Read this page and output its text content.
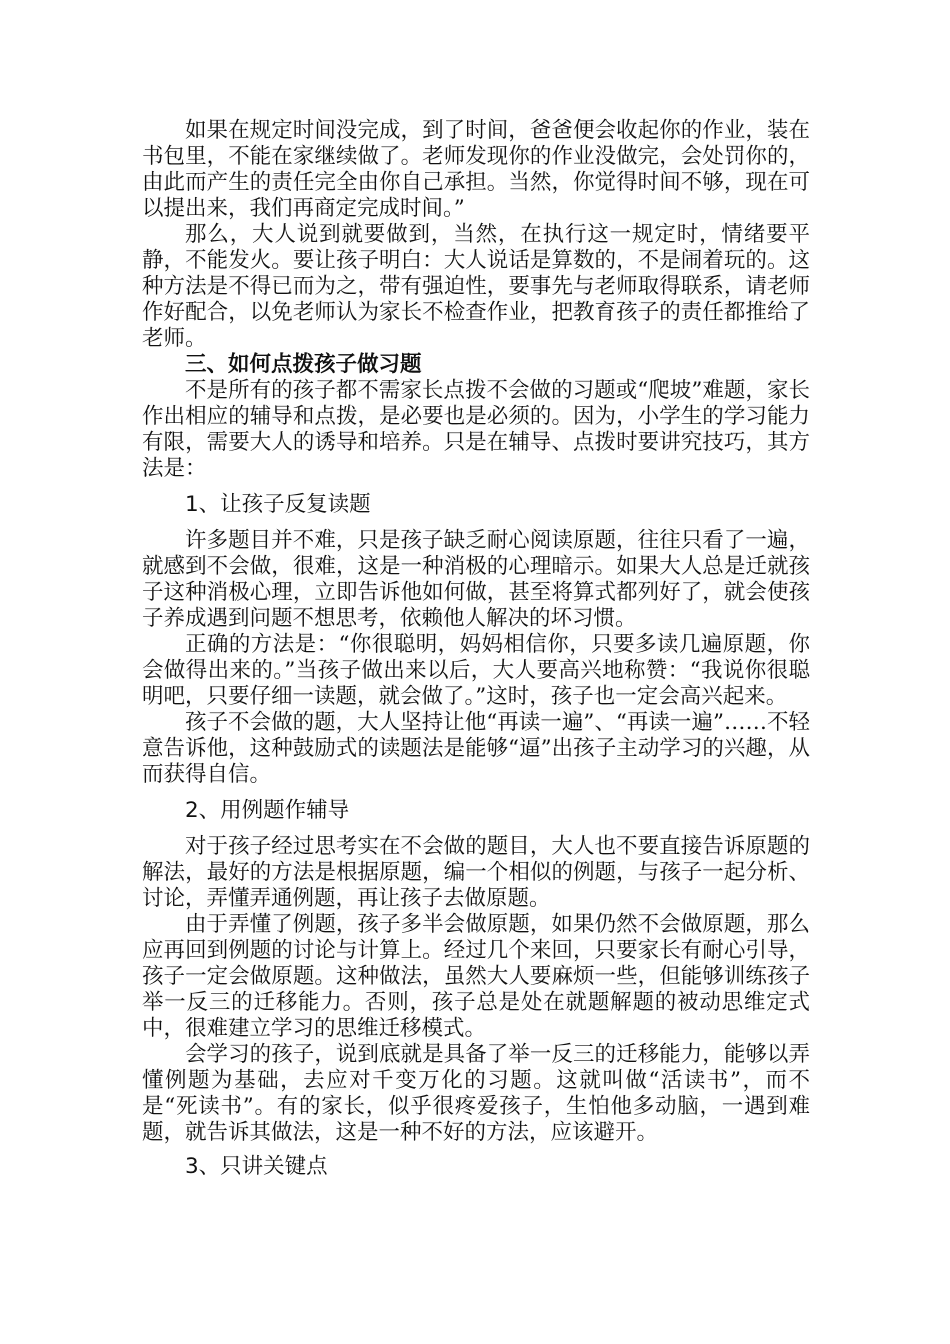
如果在规定时间没完成，到了时间，爸爸便会收起你的作业，装在书包里，不能在家继续做了。老师发现你的作业没做完，会处罚你的，由此而产生的责任完全由你自己承担。当然，你觉得时间不够，现在可以提出来，我们再商定完成时间。”

那么，大人说到就要做到，当然，在执行这一规定时，情绪要平静，不能发火。要让孩子明白：大人说话是算数的，不是闹着玩的。这种方法是不得已而为之，带有强迫性，要事先与老师取得联系，请老师作好配合，以免老师认为家长不检查作业，把教育孩子的责任都推给了老师。

三、如何点拨孩子做习题

不是所有的孩子都不需家长点拨不会做的习题或“爬坡”难题，家长作出相应的辅导和点拨，是必要也是必须的。因为，小学生的学习能力有限，需要大人的诱导和培养。只是在辅导、点拨时要讲究技巧，其方法是：

1、让孩子反复读题

许多题目并不难，只是孩子缺乏耐心阅读原题，往往只看了一遍，就感到不会做，很难，这是一种消极的心理暗示。如果大人总是迁就孩子这种消极心理，立即告诉他如何做，甚至将算式都列好了，就会使孩子养成遇到问题不想思考，依赖他人解决的坏习惯。

正确的方法是：“你很聪明，妈妈相信你，只要多读几遍原题，你会做得出来的。”当孩子做出来以后，大人要高兴地称赞：“我说你很聪明吧，只要仔细一读题，就会做了。”这时，孩子也一定会高兴起来。

孩子不会做的题，大人坚持让他“再读一遍”、“再读一遍”……不轻意告诉他，这种鼓励式的读题法是能够“逼”出孩子主动学习的兴趣，从而获得自信。

2、用例题作辅导

对于孩子经过思考实在不会做的题目，大人也不要直接告诉原题的解法，最好的方法是根据原题，编一个相似的例题，与孩子一起分析、讨论，弄懂弄通例题，再让孩子去做原题。

由于弄懂了例题，孩子多半会做原题，如果仍然不会做原题，那么应再回到例题的讨论与计算上。经过几个来回，只要家长有耐心引导，孩子一定会做原题。这种做法，虽然大人要麻烦一些，但能够训练孩子举一反三的迁移能力。否则，孩子总是处在就题解题的被动思维定式中，很难建立学习的思维迁移模式。

会学习的孩子，说到底就是具备了举一反三的迁移能力，能够以弄懂例题为基础，去应对千变万化的习题。这就叫做“活读书”，而不是“死读书”。有的家长，似乎很疼爱孩子，生怕他多动脑，一遇到难题，就告诉其做法，这是一种不好的方法，应该避开。

3、只讲关键点
